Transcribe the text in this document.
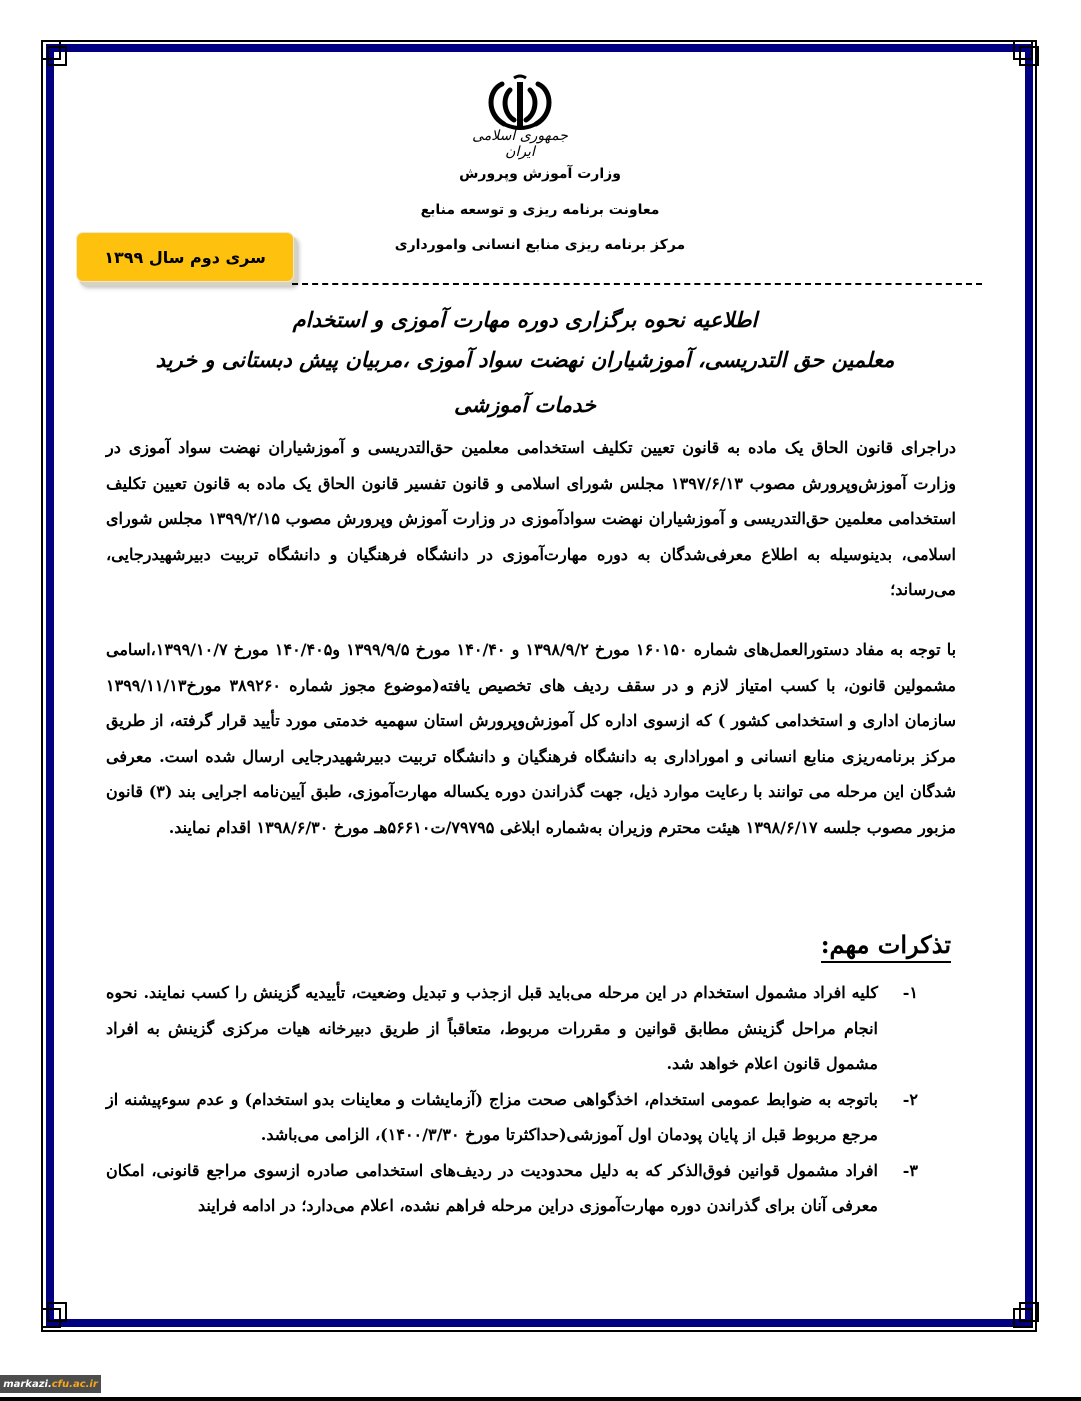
جمهوری اسلامی ایران
وزارت آموزش وپرورش
معاونت برنامه ریزی و توسعه منابع
مرکز برنامه ریزی منابع انسانی وامورداری
سری دوم سال ۱۳۹۹
اطلاعیه نحوه برگزاری دوره مهارت آموزی و استخدام
معلمین حق التدریسی، آموزشیاران نهضت سواد آموزی ،مربیان پیش دبستانی و خرید
خدمات آموزشی
دراجرای قانون الحاق یک ماده به قانون تعیین تکلیف استخدامی معلمین حق‌التدریسی و آموزشیاران نهضت سواد آموزی در وزارت آموزش‌وپرورش مصوب ۱۳۹۷/۶/۱۳ مجلس شورای اسلامی و قانون تفسیر قانون الحاق یک ماده به قانون تعیین تکلیف استخدامی معلمین حق‌التدریسی و آموزشیاران نهضت سوادآموزی در وزارت آموزش وپرورش مصوب ۱۳۹۹/۲/۱۵ مجلس شورای اسلامی، بدینوسیله به اطلاع معرفی‌شدگان به دوره مهارت‌آموزی در دانشگاه فرهنگیان و دانشگاه تربیت دبیرشهیدرجایی، می‌رساند؛
با توجه به مفاد دستورالعمل‌های شماره ۱۶۰۱۵۰ مورخ ۱۳۹۸/۹/۲ و ۱۴۰/۴۰ مورخ ۱۳۹۹/۹/۵ و۱۴۰/۴۰۵ مورخ ۱۳۹۹/۱۰/۷،اسامی مشمولین قانون، با کسب امتیاز لازم و در سقف ردیف های تخصیص یافته(موضوع مجوز شماره ۳۸۹۲۶۰ مورخ۱۳۹۹/۱۱/۱۳ سازمان اداری و استخدامی کشور ) که ازسوی اداره کل آموزش‌وپرورش استان سهمیه خدمتی مورد تأیید قرار گرفته، از طریق مرکز برنامه‌ریزی منابع انسانی و اموراداری به دانشگاه فرهنگیان و دانشگاه تربیت دبیرشهیدرجایی ارسال شده است. معرفی شدگان این مرحله می توانند با رعایت موارد ذیل، جهت گذراندن دوره یکساله مهارت‌آموزی، طبق آیین‌نامه اجرایی بند (۳) قانون مزبور مصوب جلسه ۱۳۹۸/۶/۱۷ هیئت محترم وزیران به‌شماره ابلاغی ۷۹۷۹۵/ت۵۶۶۱۰هـ مورخ ۱۳۹۸/۶/۳۰ اقدام نمایند.
تذکرات مهم:
۱-
کلیه افراد مشمول استخدام در این مرحله می‌باید قبل ازجذب و تبدیل وضعیت، تأییدیه گزینش را کسب نمایند. نحوه انجام مراحل گزینش مطابق قوانین و مقررات مربوط، متعاقباً از طریق دبیرخانه هیات مرکزی گزینش به افراد مشمول قانون اعلام خواهد شد.
۲-
باتوجه به ضوابط عمومی استخدام، اخذگواهی صحت مزاج (آزمایشات و معاینات بدو استخدام) و عدم سوءپیشنه از مرجع مربوط قبل از پایان پودمان اول آموزشی(حداکثرتا مورخ ۱۴۰۰/۳/۳۰)، الزامی می‌باشد.
۳-
افراد مشمول قوانین فوق‌الذکر که به دلیل محدودیت در ردیف‌های استخدامی صادره ازسوی مراجع قانونی، امکان معرفی آنان برای گذراندن دوره مهارت‌آموزی دراین مرحله فراهم نشده، اعلام می‌دارد؛ در ادامه فرایند
markazi. cfu.ac.ir
